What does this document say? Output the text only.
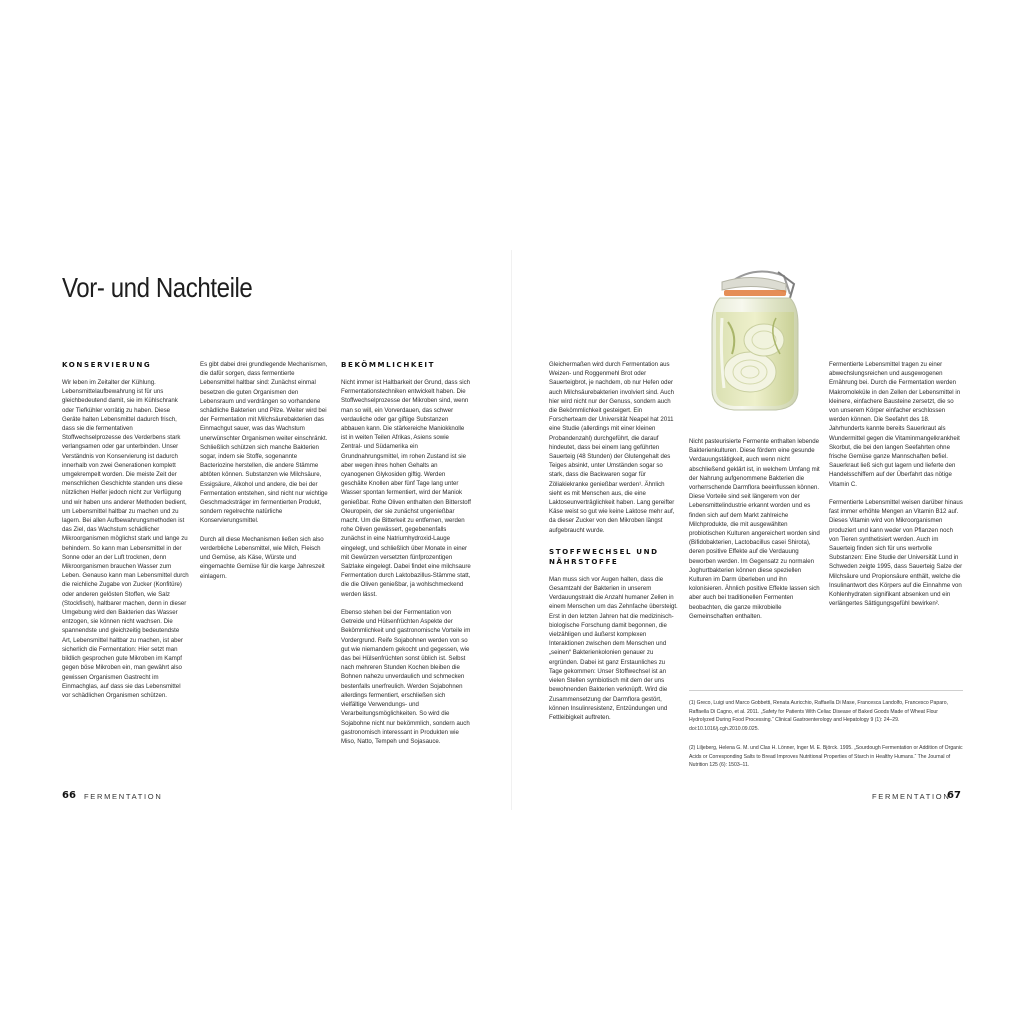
Vor- und Nachteile
KONSERVIERUNG

Wir leben im Zeitalter der Kühlung. Lebensmittelaufbewahrung ist für uns gleichbedeutend damit, sie im Kühlschrank oder Tiefkühler vorrätig zu haben. Diese Geräte halten Lebensmittel dadurch frisch, dass sie die fermentativen Stoffwechselprozesse des Verderbens stark verlangsamen oder gar unterbinden. Unser Verständnis von Konservierung ist dadurch innerhalb von zwei Generationen komplett umgekrempelt worden. Die meiste Zeit der menschlichen Geschichte standen uns diese nützlichen Helfer jedoch nicht zur Verfügung und wir haben uns anderer Methoden bedient, um Lebensmittel haltbar zu machen und zu lagern. Bei allen Aufbewahrungsmethoden ist das Ziel, das Wachstum schädlicher Mikroorganismen möglichst stark und lange zu behindern. So kann man Lebensmittel in der Sonne oder an der Luft trocknen, denn Mikroorganismen brauchen Wasser zum Leben. Genauso kann man Lebensmittel durch die reichliche Zugabe von Zucker (Konfitüre) oder anderen gelösten Stoffen, wie Salz (Stockfisch), haltbarer machen, denn in dieser Umgebung wird den Bakterien das Wasser entzogen, sie können nicht wachsen. Die spannendste und gleichzeitig bedeutendste Art, Lebensmittel haltbar zu machen, ist aber sicherlich die Fermentation: Hier setzt man bildlich gesprochen gute Mikroben im Kampf gegen böse Mikroben ein, man gewährt also gewissen Organismen Gastrecht im Einmachglas, auf dass sie das Lebensmittel vor schädlichen Organismen schützen.

Es gibt dabei drei grundlegende Mechanismen, die dafür sorgen, dass fermentierte Lebensmittel haltbar sind: Zunächst einmal besetzen die guten Organismen den Lebensraum und verdrängen so vorhandene schädliche Bakterien und Pilze. Weiter wird bei der Fermentation mit Milchsäurebakterien das Einmachgut sauer, was das Wachstum unerwünschter Organismen weiter einschränkt. Schließlich schützen sich manche Bakterien sogar, indem sie Stoffe, sogenannte Bacteriozine herstellen, die andere Stämme abtöten können. Substanzen wie Milchsäure, Essigsäure, Alkohol und andere, die bei der Fermentation entstehen, sind nicht nur wichtige Geschmacksträger im fermentierten Produkt, sondern regelrechte natürliche Konservierungsmittel.

Durch all diese Mechanismen ließen sich also verderbliche Lebensmittel, wie Milch, Fleisch und Gemüse, als Käse, Würste und eingemachte Gemüse für die karge Jahreszeit einlagern.

BEKÖMMLICHKEIT

Nicht immer ist Haltbarkeit der Grund, dass sich Fermentationstechniken entwickelt haben. Die Stoffwechselprozesse der Mikroben sind, wenn man so will, ein Vorverdauen, das schwer verdauliche oder gar giftige Substanzen abbauen kann. Die stärkereiche Maniokknolle ist in weiten Teilen Afrikas, Asiens sowie Zentral- und Südamerika ein Grundnahrungsmittel, im rohen Zustand ist sie aber wegen ihres hohen Gehalts an cyanogenen Glykosiden giftig. Werden geschälte Knollen aber fünf Tage lang unter Wasser spontan fermentiert, wird der Maniok genießbar. Rohe Oliven enthalten den Bitterstoff Oleuropein, der sie zunächst ungenießbar macht. Um die Bitterkeit zu entfernen, werden rohe Oliven gewässert, gegebenenfalls zunächst in eine Natriumhydroxid-Lauge eingelegt, und schließlich über Monate in einer mit Gewürzen versetzten fünfprozentigen Salzlake eingelegt. Dabei findet eine milchsaure Fermentation durch Laktobazillus-Stämme statt, die die Oliven genießbar, ja wohlschmeckend werden lässt.

Ebenso stehen bei der Fermentation von Getreide und Hülsenfrüchten Aspekte der Bekömmlichkeit und gastronomische Vorteile im Vordergrund. Reife Sojabohnen werden von so gut wie niemandem gekocht und gegessen, wie das bei Hülsenfrüchten sonst üblich ist. Selbst nach mehreren Stunden Kochen bleiben die Bohnen nahezu unverdaulich und schmecken bestenfalls unerfreulich. Werden Sojabohnen allerdings fermentiert, erschließen sich vielfältige Verwendungs- und Verarbeitungsmöglichkeiten. So wird die Sojabohne nicht nur bekömmlich, sondern auch gastronomisch interessant in Produkten wie Miso, Natto, Tempeh und Sojasauce.

Gleichermaßen wird durch Fermentation aus Weizen- und Roggenmehl Brot oder Sauerteigbrot, je nachdem, ob nur Hefen oder auch Milchsäurebakterien involviert sind. Auch hier wird nicht nur der Genuss, sondern auch die Bekömmlichkeit gesteigert. Ein Forscherteam der Universität Neapel hat 2011 eine Studie (allerdings mit einer kleinen Probandenzahl) durchgeführt, die darauf hindeutet, dass bei einem lang geführten Sauerteig (48 Stunden) der Glutengehalt des Teiges absinkt, unter Umständen sogar so stark, dass die Backwaren sogar für Zöliakiekranke genießbar werden¹. Ähnlich sieht es mit Menschen aus, die eine Laktoseunverträglichkeit haben. Lang gereifter Käse weist so gut wie keine Laktose mehr auf, da dieser Zucker von den Mikroben längst aufgebraucht wurde.

STOFFWECHSEL UND NÄHRSTOFFE

Man muss sich vor Augen halten, dass die Gesamtzahl der Bakterien in unserem Verdauungstrakt die Anzahl humaner Zellen in einem Menschen um das Zehnfache übersteigt. Erst in den letzten Jahren hat die medizinisch-biologische Forschung damit begonnen, die vielzähligen und äußerst komplexen Interaktionen zwischen dem Menschen und „seinen“ Bakterienkolonien genauer zu ergründen. Dabei ist ganz Erstaunliches zu Tage gekommen: Unser Stoffwechsel ist an vielen Stellen symbiotisch mit dem der uns bewohnenden Bakterien verknüpft. Wird die Zusammensetzung der Darmflora gestört, können Insulinresistenz, Entzündungen und Fettleibigkeit auftreten.

Nicht pasteurisierte Fermente enthalten lebende Bakterienkulturen. Diese fördern eine gesunde Verdauungstätigkeit, auch wenn nicht abschließend geklärt ist, in welchem Umfang mit der Nahrung aufgenommene Bakterien die vorherrschende Darmflora beeinflussen können. Diese Vorteile sind seit längerem von der Lebensmittelindustrie erkannt worden und es finden sich auf dem Markt zahlreiche Milchprodukte, die mit ausgewählten probiotischen Kulturen angereichert worden sind (Bifidobakterien, Lactobacillus casei Shirota), deren positive Effekte auf die Verdauung beworben werden. Im Gegensatz zu normalen Joghurtbakterien können diese speziellen Kulturen im Darm überleben und ihn kolonisieren. Ähnlich positive Effekte lassen sich aber auch bei traditionellen Fermenten beobachten, die ganze mikrobielle Gemeinschaften enthalten.

Fermentierte Lebensmittel tragen zu einer abwechslungsreichen und ausgewogenen Ernährung bei. Durch die Fermentation werden Makromoleküle in den Zellen der Lebensmittel in kleinere, einfachere Bausteine zersetzt, die so von unserem Körper einfacher erschlossen werden können. Die Seefahrt des 18. Jahrhunderts kannte bereits Sauerkraut als Wundermittel gegen die Vitaminmangelkrankheit Skorbut, die bei den langen Seefahrten ohne frische Gemüse ganze Mannschaften befiel. Sauerkraut ließ sich gut lagern und lieferte den Handelsschiffern auf der Überfahrt das nötige Vitamin C.

Fermentierte Lebensmittel weisen darüber hinaus fast immer erhöhte Mengen an Vitamin B12 auf. Dieses Vitamin wird von Mikroorganismen produziert und kann weder von Pflanzen noch von Tieren synthetisiert werden. Auch im Sauerteig finden sich für uns wertvolle Substanzen: Eine Studie der Universität Lund in Schweden zeigte 1995, dass Sauerteig Salze der Milchsäure und Propionsäure enthält, welche die Insulinantwort des Körpers auf die Einnahme von Kohlenhydraten signifikant absenken und ein verlängertes Sättigungsgefühl bewirken².

(1) Greco, Luigi und Marco Gobbetti, Renata Auricchio, Raffaella Di Mase, Francesca Landolfo, Francesco Paparo, Raffaella Di Cagno, et al. 2011. „Safety for Patients With Celiac Disease of Baked Goods Made of Wheat Flour Hydrolyzed During Food Processing.“ Clinical Gastroenterology and Hepatology 9 (1): 24–29. doi:10.1016/j.cgh.2010.09.025.
(2) Liljeberg, Helena G. M. und Clas H. Lönner, Inger M. E. Björck. 1995. „Sourdough Fermentation or Addition of Organic Acids or Corresponding Salts to Bread Improves Nutritional Properties of Starch in Healthy Humans.“ The Journal of Nutrition 125 (6): 1503–11.
66 FERMENTATION	FERMENTATION
67
